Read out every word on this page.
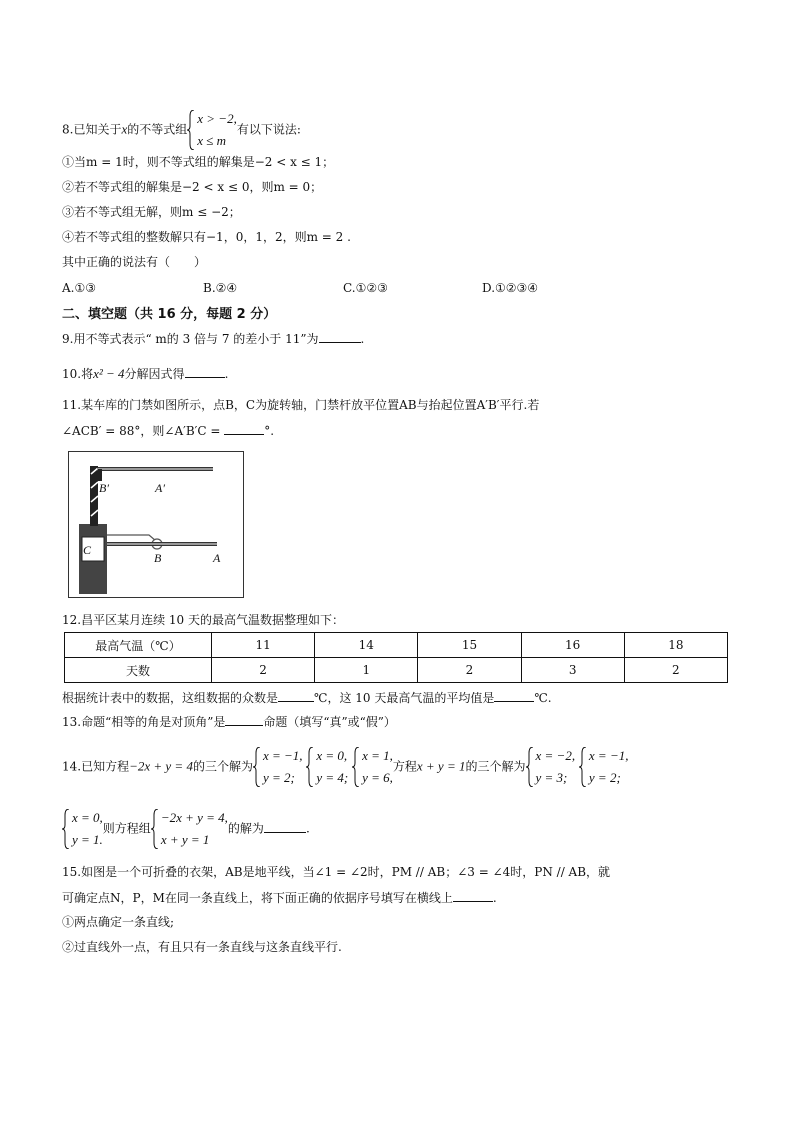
8.已知关于x的不等式组
x > −2,
x ≤ m
有以下说法:
①当m = 1时，则不等式组的解集是−2 < x ≤ 1；
②若不等式组的解集是−2 < x ≤ 0，则m = 0；
③若不等式组无解，则m ≤ −2；
④若不等式组的整数解只有−1，0，1，2，则m = 2 .
其中正确的说法有（　　）
A.①③	B.②④	C.①②③	D.①②③④
二、填空题（共 16 分，每题 2 分）
9.用不等式表示“ m的 3 倍与 7 的差小于 11”为	.
10.将x² − 4分解因式得	.
11.某车库的门禁如图所示，点B，C为旋转轴，门禁杆放平位置AB与抬起位置A′B′平行.若
∠ACB′ = 88°，则∠A′B′C =	°.
B′	A′
C
B	A
12.昌平区某月连续 10 天的最高气温数据整理如下：
最高气温（℃）	11	14	15	16	18
天数	2	1	2	3	2
根据统计表中的数据，这组数据的众数是	℃，这 10 天最高气温的平均值是	℃.
13.命题“相等的角是对顶角”是	命题（填写“真”或“假”）
14.已知方程−2x + y = 4的三个解为
x = −1,
y = 2;

x = 0,
y = 4;

x = 1,
y = 6,
方程x + y = 1的三个解为
x = −2,
y = 3;

x = −1,
y = 2;
x = 0,
y = 1.
则方程组
−2x + y = 4,
x + y = 1
的解为	.
15.如图是一个可折叠的衣架，AB是地平线，当∠1 = ∠2时，PM // AB；∠3 = ∠4时，PN // AB，就
可确定点N，P，M在同一条直线上，将下面正确的依据序号填写在横线上	.
①两点确定一条直线;
②过直线外一点，有且只有一条直线与这条直线平行.
